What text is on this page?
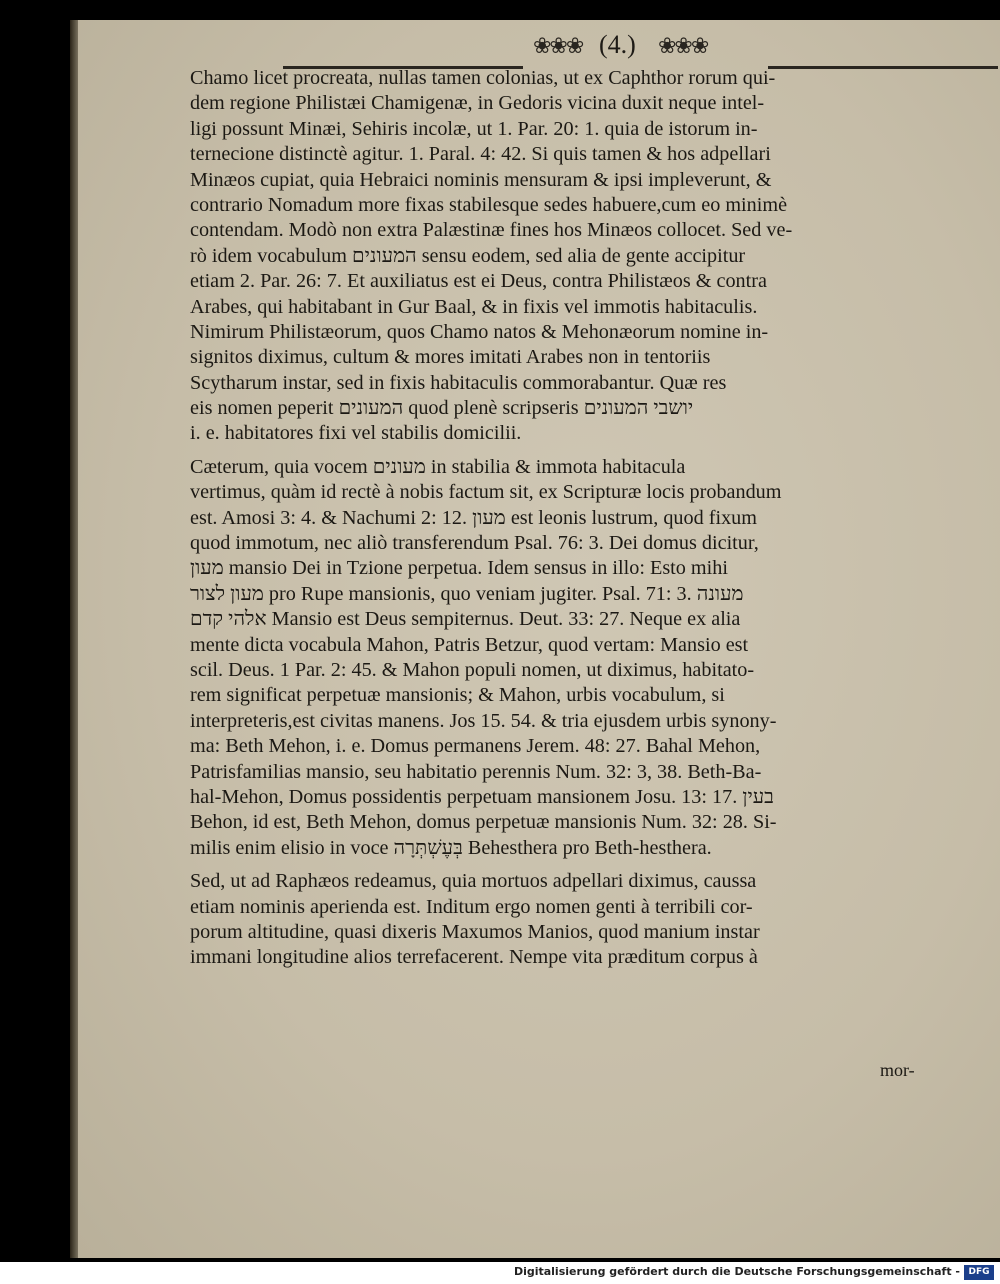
❀❀❀ (4.) ❀❀❀
Chamo licet procreata, nullas tamen colonias, ut ex Caphthor rorum qui-
dem regione Philistæi Chamigenæ, in Gedoris vicina duxit neque intel-
ligi possunt Minæi, Sehiris incolæ, ut 1. Par. 20: 1. quia de istorum in-
ternecione distinctè agitur. 1. Paral. 4: 42. Si quis tamen & hos adpellari
Minæos cupiat, quia Hebraici nominis mensuram & ipsi impleverunt, &
contrario Nomadum more fixas stabilesque sedes habuere,cum eo minimè
contendam. Modò non extra Palæstinæ fines hos Minæos collocet. Sed ve-
rò idem vocabulum המעונים sensu eodem, sed alia de gente accipitur
etiam 2. Par. 26: 7. Et auxiliatus est ei Deus, contra Philistæos & contra
Arabes, qui habitabant in Gur Baal, & in fixis vel immotis habitaculis.
Nimirum Philistæorum, quos Chamo natos & Mehonæorum nomine in-
signitos diximus, cultum & mores imitati Arabes non in tentoriis
Scytharum instar, sed in fixis habitaculis commorabantur. Quæ res
eis nomen peperit המעונים quod plenè scripseris יושבי המעונים
i. e. habitatores fixi vel stabilis domicilii.
Cæterum, quia vocem מעונים in stabilia & immota habitacula
vertimus, quàm id rectè à nobis factum sit, ex Scripturæ locis probandum
est. Amosi 3: 4. & Nachumi 2: 12. מעון est leonis lustrum, quod fixum
quod immotum, nec aliò transferendum Psal. 76: 3. Dei domus dicitur,
מעון mansio Dei in Tzione perpetua. Idem sensus in illo: Esto mihi
מעון לצור pro Rupe mansionis, quo veniam jugiter. Psal. 71: 3. מעונה
אלהי קדם Mansio est Deus sempiternus. Deut. 33: 27. Neque ex alia
mente dicta vocabula Mahon, Patris Betzur, quod vertam: Mansio est
scil. Deus. 1 Par. 2: 45. & Mahon populi nomen, ut diximus, habitato-
rem significat perpetuæ mansionis; & Mahon, urbis vocabulum, si
interpreteris,est civitas manens. Jos 15. 54. & tria ejusdem urbis synony-
ma: Beth Mehon, i. e. Domus permanens Jerem. 48: 27. Bahal Mehon,
Patrisfamilias mansio, seu habitatio perennis Num. 32: 3, 38. Beth-Ba-
hal-Mehon, Domus possidentis perpetuam mansionem Josu. 13: 17. בעין
Behon, id est, Beth Mehon, domus perpetuæ mansionis Num. 32: 28. Si-
milis enim elisio in voce בְּעֶשְׁתְּרָה Behesthera pro Beth-hesthera.
Sed, ut ad Raphæos redeamus, quia mortuos adpellari diximus, caussa
etiam nominis aperienda est. Inditum ergo nomen genti à terribili cor-
porum altitudine, quasi dixeris Maxumos Manios, quod manium instar
immani longitudine alios terrefacerent. Nempe vita præditum corpus à
mor-
Digitalisierung gefördert durch die Deutsche Forschungsgemeinschaft - DFG
